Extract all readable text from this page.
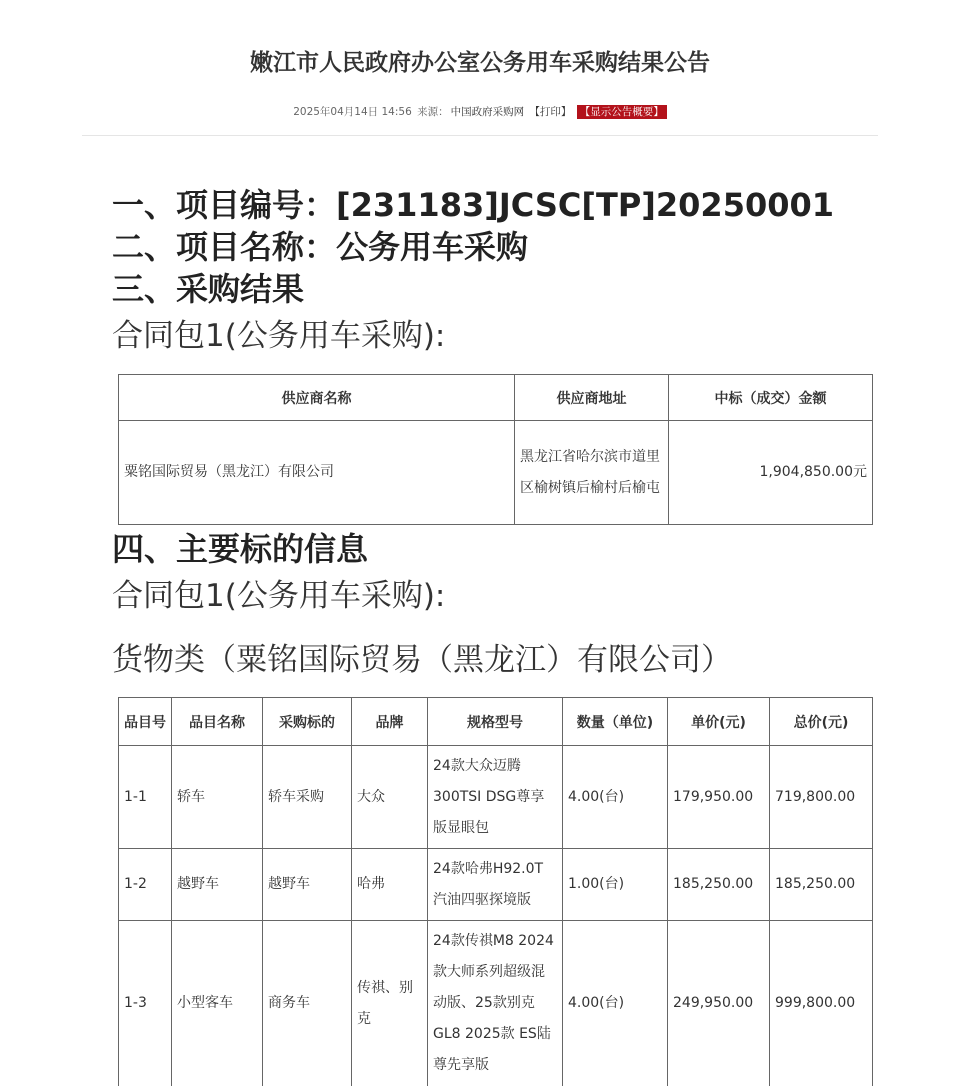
嫩江市人民政府办公室公务用车采购结果公告
2025年04月14日 14:56 来源： 中国政府采购网 【打印】 【显示公告概要】
一、项目编号：[231183]JCSC[TP]20250001
二、项目名称：公务用车采购
三、采购结果
合同包1(公务用车采购):
供应商名称	供应商地址	中标（成交）金额
粟铭国际贸易（黑龙江）有限公司	黑龙江省哈尔滨市道里区榆树镇后榆村后榆屯	1,904,850.00元
四、主要标的信息
合同包1(公务用车采购):
货物类（粟铭国际贸易（黑龙江）有限公司）
品目号	品目名称	采购标的	品牌	规格型号	数量（单位)	单价(元)	总价(元)
1-1	轿车	轿车采购	大众	24款大众迈腾300TSI DSG尊享版显眼包	4.00(台)	179,950.00	719,800.00
1-2	越野车	越野车	哈弗	24款哈弗H92.0T汽油四驱探境版	1.00(台)	185,250.00	185,250.00
1-3	小型客车	商务车	传祺、别克	24款传祺M8 2024款大师系列超级混动版、25款别克GL8 2025款 ES陆尊先享版	4.00(台)	249,950.00	999,800.00
